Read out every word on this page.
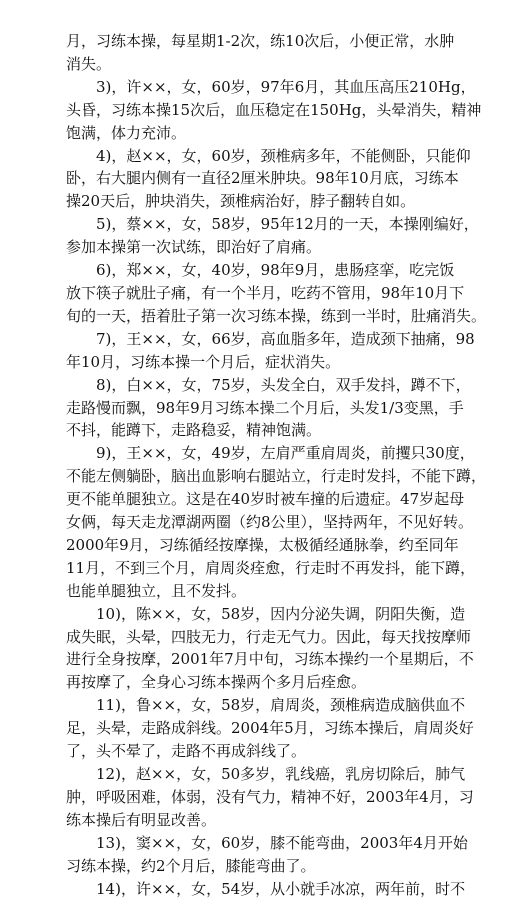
月，习练本操，每星期1-2次，练10次后，小便正常，水肿
消失。
　　3)，许××，女，60岁，97年6月，其血压高压210Hg，
头昏，习练本操15次后，血压稳定在150Hg，头晕消失，精神
饱满，体力充沛。
　　4)，赵××，女，60岁，颈椎病多年，不能侧卧，只能仰
卧，右大腿内侧有一直径2厘米肿块。98年10月底，习练本
操20天后，肿块消失，颈椎病治好，脖子翻转自如。
　　5)，蔡××，女，58岁，95年12月的一天，本操刚编好，
参加本操第一次试练，即治好了肩痛。
　　6)，郑××，女，40岁，98年9月，患肠痉挛，吃完饭
放下筷子就肚子痛，有一个半月，吃药不管用，98年10月下
旬的一天，捂着肚子第一次习练本操，练到一半时，肚痛消失。
　　7)，王××，女，66岁，高血脂多年，造成颈下抽痛，98
年10月，习练本操一个月后，症状消失。
　　8)，白××，女，75岁，头发全白，双手发抖，蹲不下，
走路慢而飘，98年9月习练本操二个月后，头发1/3变黑，手
不抖，能蹲下，走路稳妥，精神饱满。
　　9)，王××，女，49岁，左肩严重肩周炎，前攫只30度，
不能左侧躺卧，脑出血影响右腿站立，行走时发抖，不能下蹲，
更不能单腿独立。这是在40岁时被车撞的后遗症。47岁起母
女俩，每天走龙潭湖两圈（约8公里），坚持两年，不见好转。
2000年9月，习练循经按摩操，太极循经通脉拳，约至同年
11月，不到三个月，肩周炎痊愈，行走时不再发抖，能下蹲，
也能单腿独立，且不发抖。
　　10)，陈××，女，58岁，因内分泌失调，阴阳失衡，造
成失眠，头晕，四肢无力，行走无气力。因此，每天找按摩师
进行全身按摩，2001年7月中旬，习练本操约一个星期后，不
再按摩了，全身心习练本操两个多月后痊愈。
　　11)，鲁××，女，58岁，肩周炎，颈椎病造成脑供血不
足，头晕，走路成斜线。2004年5月，习练本操后，肩周炎好
了，头不晕了，走路不再成斜线了。
　　12)，赵××，女，50多岁，乳线癌，乳房切除后，肺气
肿，呼吸困难，体弱，没有气力，精神不好，2003年4月，习
练本操后有明显改善。
　　13)，窦××，女，60岁，膝不能弯曲，2003年4月开始
习练本操，约2个月后，膝能弯曲了。
　　14)，许××，女，54岁，从小就手冰凉，两年前，时不
